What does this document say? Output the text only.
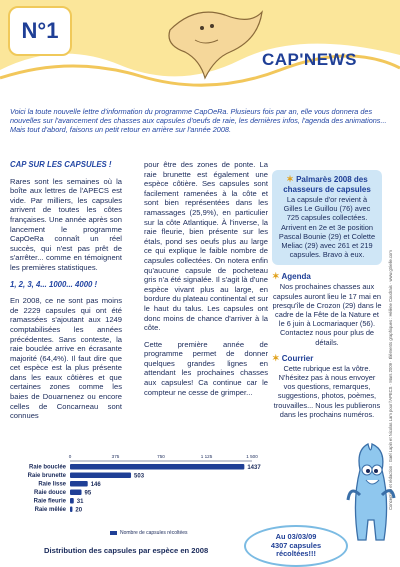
N°1
CAP'NEWS
Voici la toute nouvelle lettre d'information du programme CapOeRa. Plusieurs fois par an, elle vous donnera des nouvelles sur l'avancement des chasses aux capsules d'oeufs de raie, les dernières infos, l'agenda des animations... Mais tout d'abord, faisons un petit retour en arrière sur l'année 2008.
CAP SUR LES CAPSULES !
Rares sont les semaines où la boîte aux lettres de l'APECS est vide. Par milliers, les capsules arrivent de toutes les côtes françaises. Une année après son lancement le programme CapOeRa connaît un réel succès, qui n'est pas prêt de s'arrêter... comme en témoignent les premières statistiques.
1, 2, 3, 4... 1000... 4000 !
En 2008, ce ne sont pas moins de 2229 capsules qui ont été ramassées s'ajoutant aux 1249 comptabilisées les années précédentes. Sans conteste, la raie bouclée arrive en écrasante majorité (64,4%). Il faut dire que cet espèce est la plus présente dans les eaux côtières et que certaines zones comme les baies de Douarnenez ou encore celles de Concarneau sont connues
pour être des zones de ponte. La raie brunette est également une espèce côtière. Ses capsules sont facilement ramenées à la côte et sont bien représentées dans les ramassages (25,9%), en particulier sur la côte Atlantique. À l'inverse, la raie fleurie, bien présente sur les étals, pond ses oeufs plus au large ce qui explique le faible nombre de capsules collectées. On notera enfin qu'aucune capsule de pocheteau gris n'a été signalée. Il s'agit là d'une espèce vivant plus au large, en bordure du plateau continental et sur le haut du talus. Les capsules ont donc moins de chance d'arriver à la côte.
Cette première année de programme permet de donner quelques grandes lignes en attendant les prochaines chasses aux capsules! Ca continue car le compteur ne cesse de grimper...
✶ Palmarès 2008 des chasseurs de capsules
La capsule d'or revient à Gilles Le Guillou (76) avec 725 capsules collectées. Arrivent en 2e et 3e position Pascal Bounie (29) et Colette Meliac (29) avec 261 et 219 capsules. Bravo à eux.
✶ Agenda
Nos prochaines chasses aux capsules auront lieu le 17 mai en presqu'île de Crozon (29) dans le cadre de la Fête de la Nature et le 6 juin à Locmariaquer (56). Contactez nous pour plus de détails.
✶ Courrier
Cette rubrique est la vôtre. N'hésitez pas à nous envoyer vos questions, remarques, suggestions, photos, poèmes, trouvailles... Nous les publierons dans les prochains numéros.	Conception et rédaction : Gaël Lapin et Nicolas Lam pour l'APECS · Mars 2009 · Éléments graphiques : Hélène Coudrais · www.gtrielle.com
0	375	750	1 125	1 500
Raie bouclée	1437
Raie brunette	503
Raie lisse	146
Raie douce	95
Raie fleurie 31
Raie mêlée 20
Nombre de capsules récoltées
Distribution des capsules par espèce en 2008
Au 03/03/09
4307 capsules
récoltées!!!
